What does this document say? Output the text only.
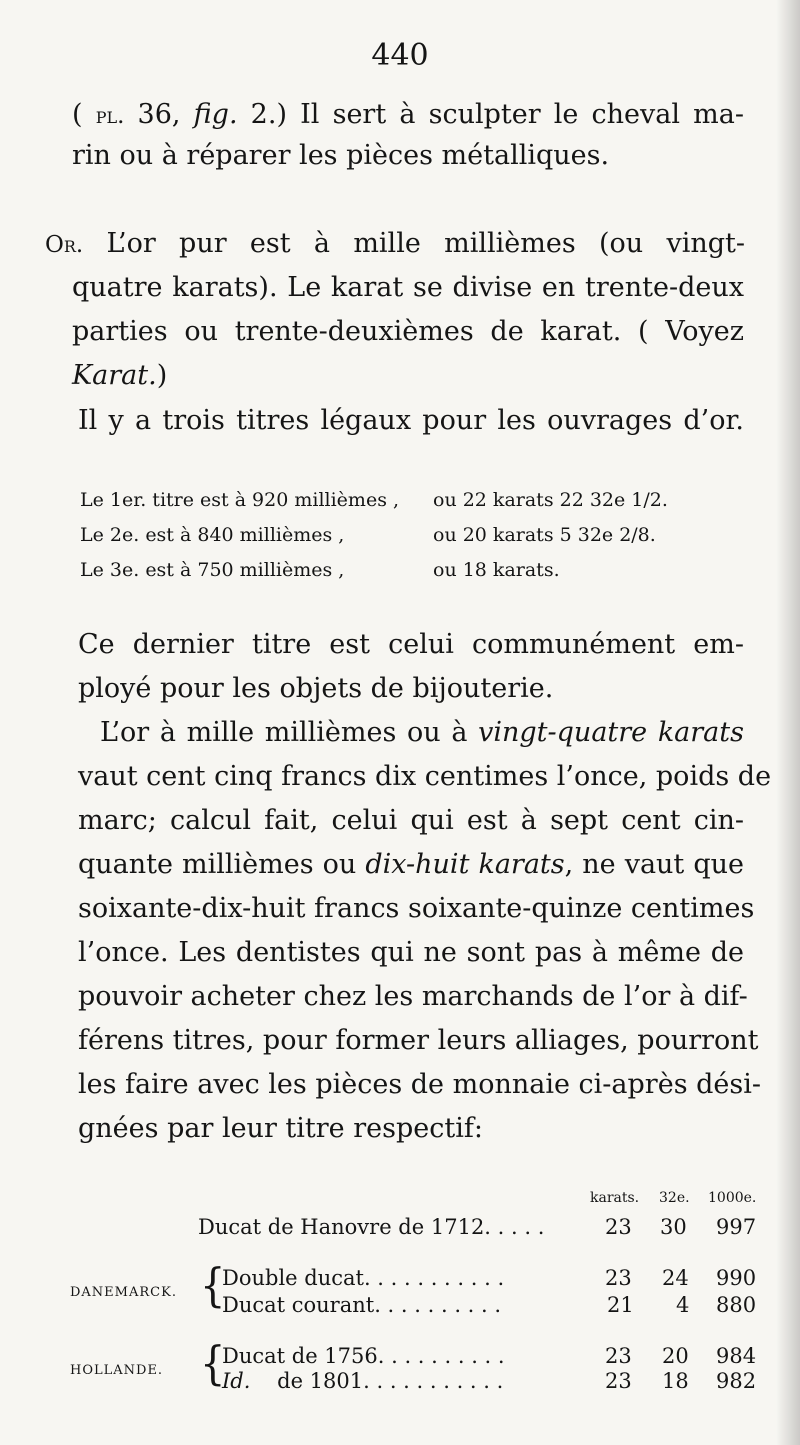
440
( pl. 36, fig. 2.) Il sert à sculpter le cheval ma-
rin ou à réparer les pièces métalliques.
Or. L’or pur est à mille millièmes (ou vingt-
quatre karats). Le karat se divise en trente-deux
parties ou trente-deuxièmes de karat. ( Voyez
Karat.)
Il y a trois titres légaux pour les ouvrages d’or.
Le 1er. titre est à 920 millièmes , ou 22 karats 22 32e 1/2.
Le 2e. est à 840 millièmes ,	ou 20 karats 5 32e 2/8.
Le 3e. est à 750 millièmes ,	ou 18 karats.
Ce dernier titre est celui communément em-
ployé pour les objets de bijouterie.
L’or à mille millièmes ou à vingt-quatre karats
vaut cent cinq francs dix centimes l’once, poids de
marc; calcul fait, celui qui est à sept cent cin-
quante millièmes ou dix-huit karats, ne vaut que
soixante-dix-huit francs soixante-quinze centimes
l’once. Les dentistes qui ne sont pas à même de
pouvoir acheter chez les marchands de l’or à dif-
férens titres, pour former leurs alliages, pourront
les faire avec les pièces de monnaie ci-après dési-
gnées par leur titre respectif:
karats. 32e. 1000e.
Ducat de Hanovre de 1712. . . . .	23 30 997
DANEMARCK. {
Double ducat. . . . . . . . . . .	23 24 990
Ducat courant. . . . . . . . . .	21 4 880
HOLLANDE. {
Ducat de 1756. . . . . . . . . .	23 20 984
Id. de 1801. . . . . . . . . . .	23 18 982
